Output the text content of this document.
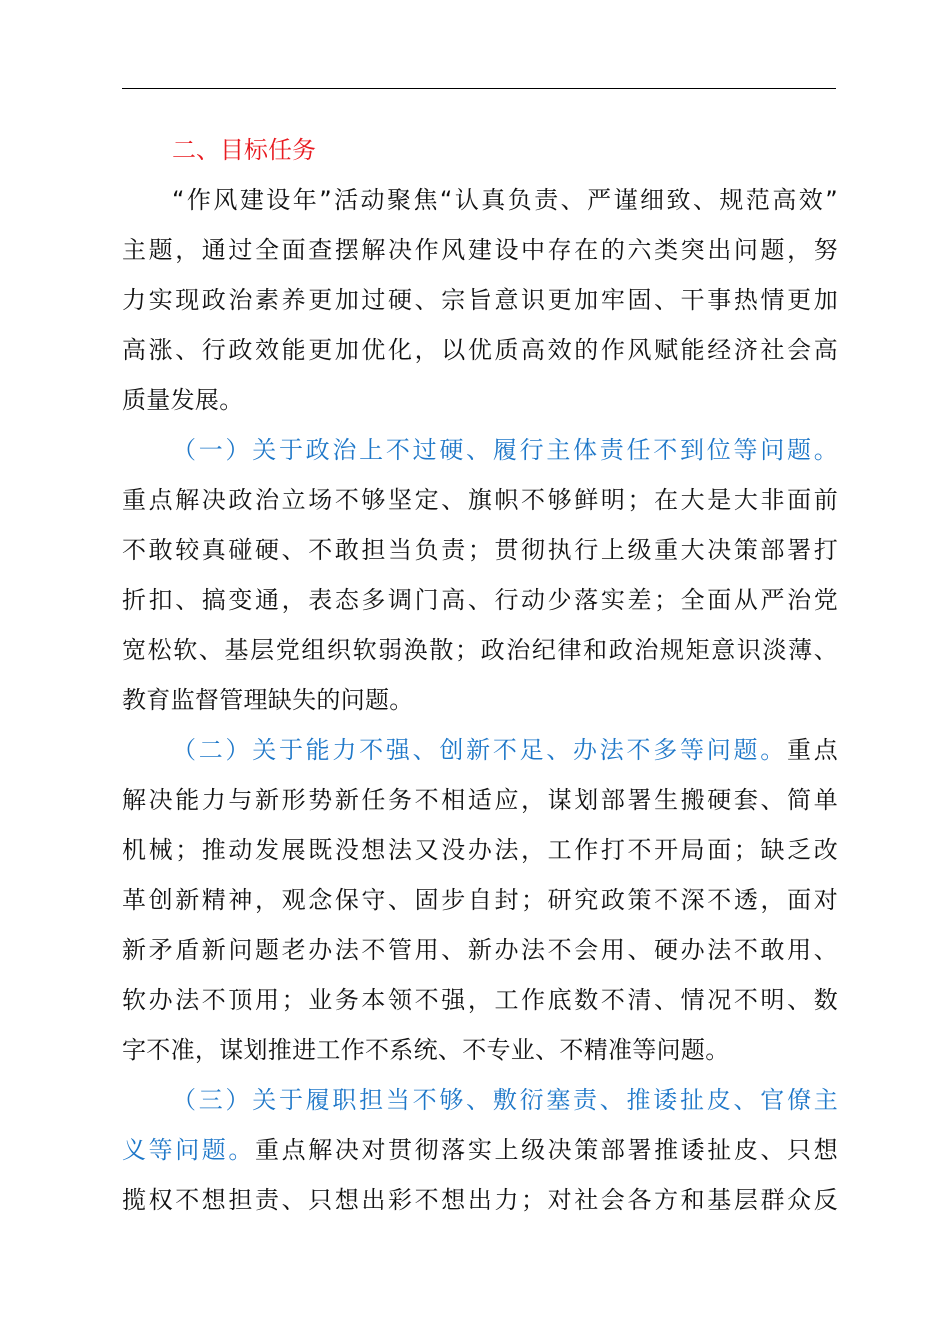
二、目标任务
“作风建设年”活动聚焦“认真负责、严谨细致、规范高效”
主题，通过全面查摆解决作风建设中存在的六类突出问题，努
力实现政治素养更加过硬、宗旨意识更加牢固、干事热情更加
高涨、行政效能更加优化，以优质高效的作风赋能经济社会高
质量发展。
（一）关于政治上不过硬、履行主体责任不到位等问题。
重点解决政治立场不够坚定、旗帜不够鲜明；在大是大非面前
不敢较真碰硬、不敢担当负责；贯彻执行上级重大决策部署打
折扣、搞变通，表态多调门高、行动少落实差；全面从严治党
宽松软、基层党组织软弱涣散；政治纪律和政治规矩意识淡薄、
教育监督管理缺失的问题。
（二）关于能力不强、创新不足、办法不多等问题。重点
解决能力与新形势新任务不相适应，谋划部署生搬硬套、简单
机械；推动发展既没想法又没办法，工作打不开局面；缺乏改
革创新精神，观念保守、固步自封；研究政策不深不透，面对
新矛盾新问题老办法不管用、新办法不会用、硬办法不敢用、
软办法不顶用；业务本领不强，工作底数不清、情况不明、数
字不准，谋划推进工作不系统、不专业、不精准等问题。
（三）关于履职担当不够、敷衍塞责、推诿扯皮、官僚主
义等问题。重点解决对贯彻落实上级决策部署推诿扯皮、只想
揽权不想担责、只想出彩不想出力；对社会各方和基层群众反
